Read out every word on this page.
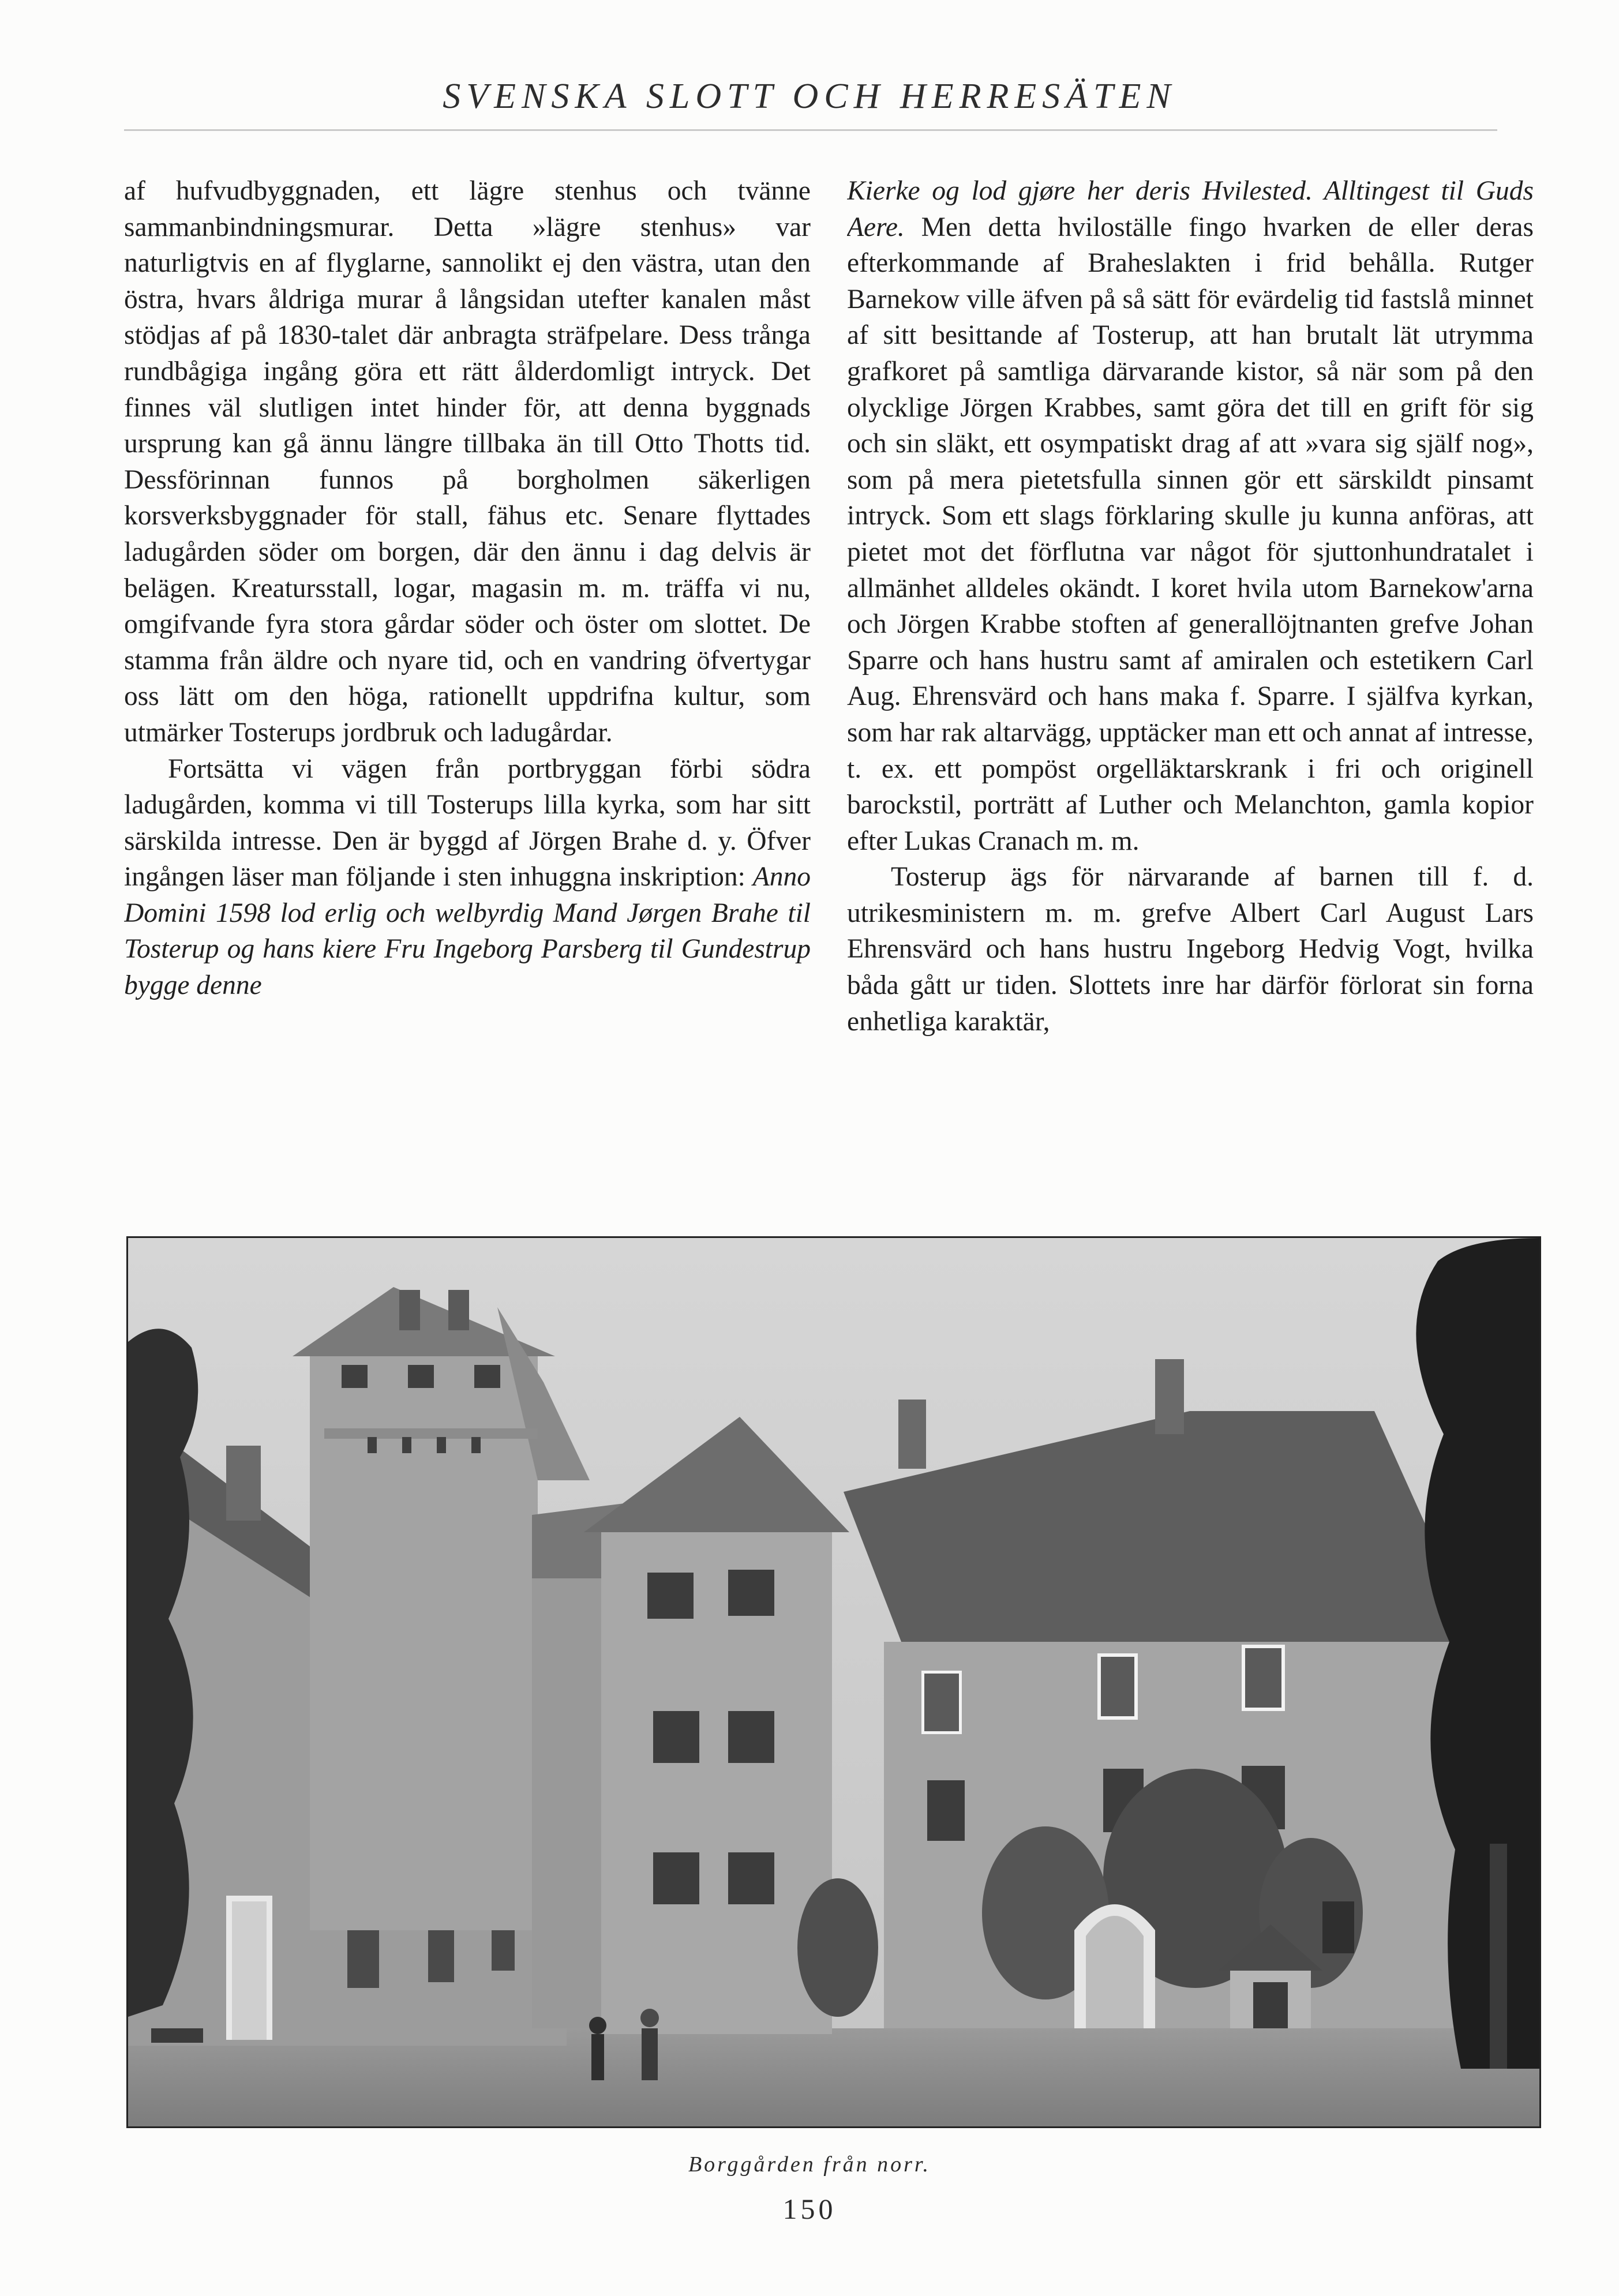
SVENSKA SLOTT OCH HERRESÄTEN

af hufvudbyggnaden, ett lägre stenhus och tvänne sammanbindningsmurar. Detta »lägre stenhus» var naturligtvis en af flyglarne, sannolikt ej den västra, utan den östra, hvars åldriga murar å långsidan utefter kanalen måst stödjas af på 1830-talet där anbragta sträfpelare. Dess trånga rundbågiga ingång göra ett rätt ålderdomligt intryck. Det finnes väl slutligen intet hinder för, att denna byggnads ursprung kan gå ännu längre tillbaka än till Otto Thotts tid. Dessförinnan funnos på borgholmen säkerligen korsverksbyggnader för stall, fähus etc. Senare flyttades ladugården söder om borgen, där den ännu i dag delvis är belägen. Kreatursstall, logar, magasin m. m. träffa vi nu, omgifvande fyra stora gårdar söder och öster om slottet. De stamma från äldre och nyare tid, och en vandring öfvertygar oss lätt om den höga, rationellt uppdrifna kultur, som utmärker Tosterups jordbruk och ladugårdar.

Fortsätta vi vägen från portbryggan förbi södra ladugården, komma vi till Tosterups lilla kyrka, som har sitt särskilda intresse. Den är byggd af Jörgen Brahe d. y. Öfver ingången läser man följande i sten inhuggna inskription: Anno Domini 1598 lod erlig och welbyrdig Mand Jørgen Brahe til Tosterup og hans kiere Fru Ingeborg Parsberg til Gundestrup bygge denne

Kierke og lod gjøre her deris Hvilested. Alltingest til Guds Aere. Men detta hviloställe fingo hvarken de eller deras efterkommande af Braheslakten i frid behålla. Rutger Barnekow ville äfven på så sätt för evärdelig tid fastslå minnet af sitt besittande af Tosterup, att han brutalt lät utrymma grafkoret på samtliga därvarande kistor, så när som på den olycklige Jörgen Krabbes, samt göra det till en grift för sig och sin släkt, ett osympatiskt drag af att »vara sig själf nog», som på mera pietetsfulla sinnen gör ett särskildt pinsamt intryck. Som ett slags förklaring skulle ju kunna anföras, att pietet mot det förflutna var något för sjuttonhundratalet i allmänhet alldeles okändt. I koret hvila utom Barnekow'arna och Jörgen Krabbe stoften af generallöjtnanten grefve Johan Sparre och hans hustru samt af amiralen och estetikern Carl Aug. Ehrensvärd och hans maka f. Sparre. I själfva kyrkan, som har rak altarvägg, upptäcker man ett och annat af intresse, t. ex. ett pompöst orgelläktarskrank i fri och originell barockstil, porträtt af Luther och Melanchton, gamla kopior efter Lukas Cranach m. m.

Tosterup ägs för närvarande af barnen till f. d. utrikesministern m. m. grefve Albert Carl August Lars Ehrensvärd och hans hustru Ingeborg Hedvig Vogt, hvilka båda gått ur tiden. Slottets inre har därför förlorat sin forna enhetliga karaktär,

Borggården från norr.
150
